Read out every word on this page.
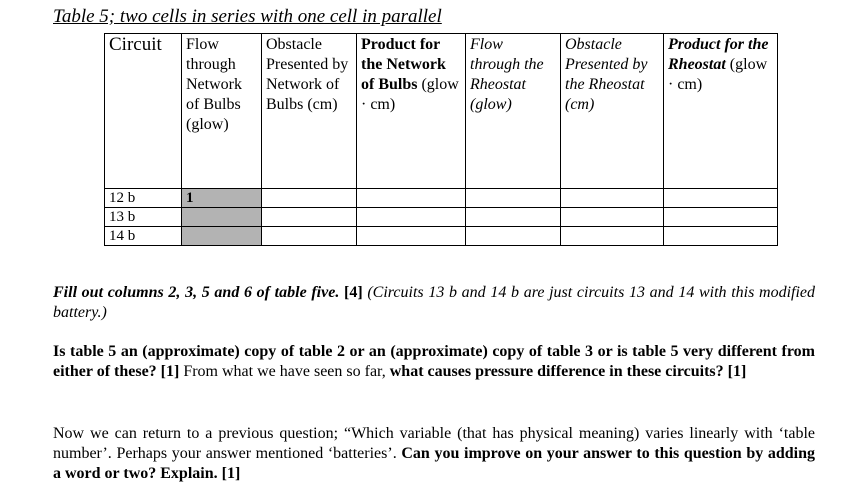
Table 5; two cells in series with one cell in parallel
Circuit	Flow through Network of Bulbs (glow)	Obstacle Presented by Network of Bulbs (cm)	Product for the Network of Bulbs (glow · cm)	Flow through the Rheostat (glow)	Obstacle Presented by the Rheostat (cm)	Product for the Rheostat (glow · cm)
12 b	1					
13 b						
14 b						
Fill out columns 2, 3, 5 and 6 of table five. [4] (Circuits 13 b and 14 b are just circuits 13 and 14 with this modified battery.)
Is table 5 an (approximate) copy of table 2 or an (approximate) copy of table 3 or is table 5 very different from either of these? [1] From what we have seen so far, what causes pressure difference in these circuits? [1]
Now we can return to a previous question; “Which variable (that has physical meaning) varies linearly with ‘table number’. Perhaps your answer mentioned ‘batteries’. Can you improve on your answer to this question by adding a word or two? Explain. [1]
